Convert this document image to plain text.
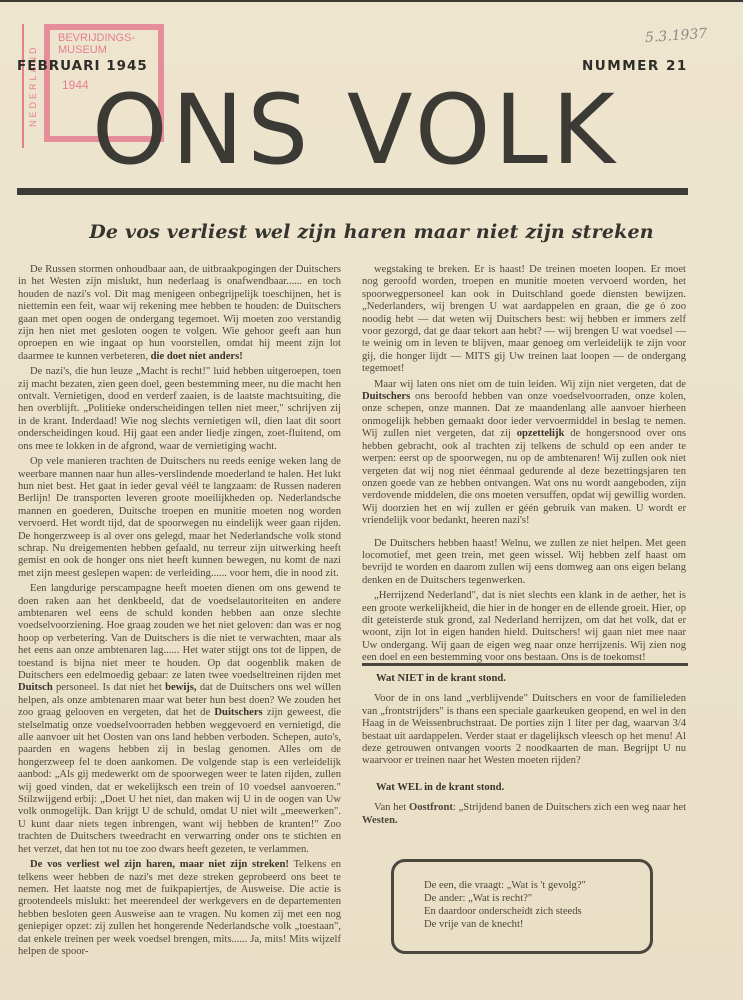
NEDERLAND
BEVRIJDINGS-
MUSEUM
1944
FEBRUARI 1945
5.3.1937
NUMMER 21
ONS VOLK
De vos verliest wel zijn haren maar niet zijn streken

De Russen stormen onhoudbaar aan, de uitbraakpogingen der Duitschers in het Westen zijn mislukt, hun nederlaag is onafwendbaar...... en toch houden de nazi's vol. Dit mag menigeen onbegrijpelijk toeschijnen, het is niettemin een feit, waar wij rekening mee hebben te houden: de Duitschers gaan met open oogen de ondergang tegemoet. Wij moeten zoo verstandig zijn hen niet met gesloten oogen te volgen. Wie gehoor geeft aan hun oproepen en wie ingaat op hun voorstellen, omdat hij meent zijn lot daarmee te kunnen verbeteren, die doet niet anders!

De nazi's, die hun leuze „Macht is recht!" luid hebben uitgeroepen, toen zij macht bezaten, zien geen doel, geen bestemming meer, nu die macht hen ontvalt. Vernietigen, dood en verderf zaaien, is de laatste machtsuiting, die hen overblijft. „Politieke onderscheidingen tellen niet meer," schrijven zij in de krant. Inderdaad! Wie nog slechts vernietigen wil, dien laat dit soort onderscheidingen koud. Hij gaat een ander liedje zingen, zoet-fluitend, om ons mee te lokken in de afgrond, waar de vernietiging wacht.

Op vele manieren trachten de Duitschers nu reeds eenige weken lang de weerbare mannen naar hun alles-verslindende moederland te halen. Het lukt hun niet best. Het gaat in ieder geval véél te langzaam: de Russen naderen Berlijn! De transporten leveren groote moeilijkheden op. Nederlandsche mannen en goederen, Duitsche troepen en munitie moeten nog worden vervoerd. Het wordt tijd, dat de spoorwegen nu eindelijk weer gaan rijden. De hongerzweep is al over ons gelegd, maar het Nederlandsche volk stond schrap. Nu dreigementen hebben gefaald, nu terreur zijn uitwerking heeft gemist en ook de honger ons niet heeft kunnen bewegen, nu komt de nazi met zijn meest geslepen wapen: de verleiding...... voor hem, die in nood zit.

Een langdurige perscampagne heeft moeten dienen om ons gewend te doen raken aan het denkbeeld, dat de voedselautoriteiten en andere ambtenaren wel eens de schuld konden hebben aan onze slechte voedselvoorziening. Hoe graag zouden we het niet geloven: dan was er nog hoop op verbetering. Van de Duitschers is die niet te verwachten, maar als het eens aan onze ambtenaren lag...... Het water stijgt ons tot de lippen, de toestand is bijna niet meer te houden. Op dat oogenblik maken de Duitschers een edelmoedig gebaar: ze laten twee voedseltreinen rijden met Duitsch personeel. Is dat niet het bewijs, dat de Duitschers ons wel willen helpen, als onze ambtenaren maar wat beter hun best doen? We zouden het zoo graag gelooven en vergeten, dat het de Duitschers zijn geweest, die stelselmatig onze voedselvoorraden hebben weggevoerd en vernietigd, die alle aanvoer uit het Oosten van ons land hebben verboden. Schepen, auto's, paarden en wagens hebben zij in beslag genomen. Alles om de hongerzweep fel te doen aankomen. De volgende stap is een verleidelijk aanbod: „Als gij medewerkt om de spoorwegen weer te laten rijden, zullen wij goed vinden, dat er wekelijksch een trein of 10 voedsel aanvoeren." Stilzwijgend erbij: „Doet U het niet, dan maken wij U in de oogen van Uw volk onmogelijk. Dan krijgt U de schuld, omdat U niet wilt „meewerken". U kunt daar niets tegen inbrengen, want wij hebben de kranten!" Zoo trachten de Duitschers tweedracht en verwarring onder ons te stichten en het verzet, dat hen tot nu toe zoo dwars heeft gezeten, te verlammen.

De vos verliest wel zijn haren, maar niet zijn streken! Telkens en telkens weer hebben de nazi's met deze streken geprobeerd ons beet te nemen. Het laatste nog met de fuikpapiertjes, de Ausweise. Die actie is grootendeels mislukt: het meerendeel der werkgevers en de departementen hebben besloten geen Ausweise aan te vragen. Nu komen zij met een nog geniepiger opzet: zij zullen het hongerende Nederlandsche volk „toestaan", dat enkele treinen per week voedsel brengen, mits...... Ja, mits! Mits wijzelf helpen de spoor-

wegstaking te breken. Er is haast! De treinen moeten loopen. Er moet nog geroofd worden, troepen en munitie moeten vervoerd worden, het spoorwegpersoneel kan ook in Duitschland goede diensten bewijzen. „Nederlanders, wij brengen U wat aardappelen en graan, die ge ó zoo noodig hebt — dat weten wij Duitschers best: wij hebben er immers zelf voor gezorgd, dat ge daar tekort aan hebt? — wij brengen U wat voedsel — te weinig om in leven te blijven, maar genoeg om verleidelijk te zijn voor gij, die honger lijdt — MITS gij Uw treinen laat loopen — de ondergang tegemoet!

Maar wij laten ons niet om de tuin leiden. Wij zijn niet vergeten, dat de Duitschers ons beroofd hebben van onze voedselvoorraden, onze kolen, onze schepen, onze mannen. Dat ze maandenlang alle aanvoer hierheen onmogelijk hebben gemaakt door ieder vervoermiddel in beslag te nemen. Wij zullen niet vergeten, dat zij opzettelijk de hongersnood over ons hebben gebracht, ook al trachten zij telkens de schuld op een ander te werpen: eerst op de spoorwegen, nu op de ambtenaren! Wij zullen ook niet vergeten dat wij nog niet éénmaal gedurende al deze bezettingsjaren ten onzen goede van ze hebben ontvangen. Wat ons nu wordt aangeboden, zijn verdovende middelen, die ons moeten versuffen, opdat wij gewillig worden. Wij doorzien het en wij zullen er géén gebruik van maken. U wordt er vriendelijk voor bedankt, heeren nazi's!

De Duitschers hebben haast! Welnu, we zullen ze niet helpen. Met geen locomotief, met geen trein, met geen wissel. Wij hebben zelf haast om bevrijd te worden en daarom zullen wij eens domweg aan ons eigen belang denken en de Duitschers tegenwerken.

„Herrijzend Nederland", dat is niet slechts een klank in de aether, het is een groote werkelijkheid, die hier in de honger en de ellende groeit. Hier, op dit geteisterde stuk grond, zal Nederland herrijzen, om dat het volk, dat er woont, zijn lot in eigen handen hield. Duitschers! wij gaan niet mee naar Uw ondergang. Wij gaan de eigen weg naar onze herrijzenis. Wij zien nog een doel en een bestemming voor ons bestaan. Ons is de toekomst!

Wat NIET in de krant stond.

Voor de in ons land „verblijvende" Duitschers en voor de familieleden van „frontstrijders" is thans een speciale gaarkeuken geopend, en wel in den Haag in de Weissenbruchstraat. De porties zijn 1 liter per dag, waarvan 3/4 bestaat uit aardappelen. Verder staat er dagelijksch vleesch op het menu! Al deze getrouwen ontvangen voorts 2 noodkaarten de man. Begrijpt U nu waarvoor er treinen naar het Westen moeten rijden?

Wat WEL in de krant stond.

Van het Oostfront: „Strijdend banen de Duitschers zich een weg naar het Westen.

De een, die vraagt: „Wat is 't gevolg?"
De ander: „Wat is recht?"
En daardoor onderscheidt zich steeds
De vrije van de knecht!
